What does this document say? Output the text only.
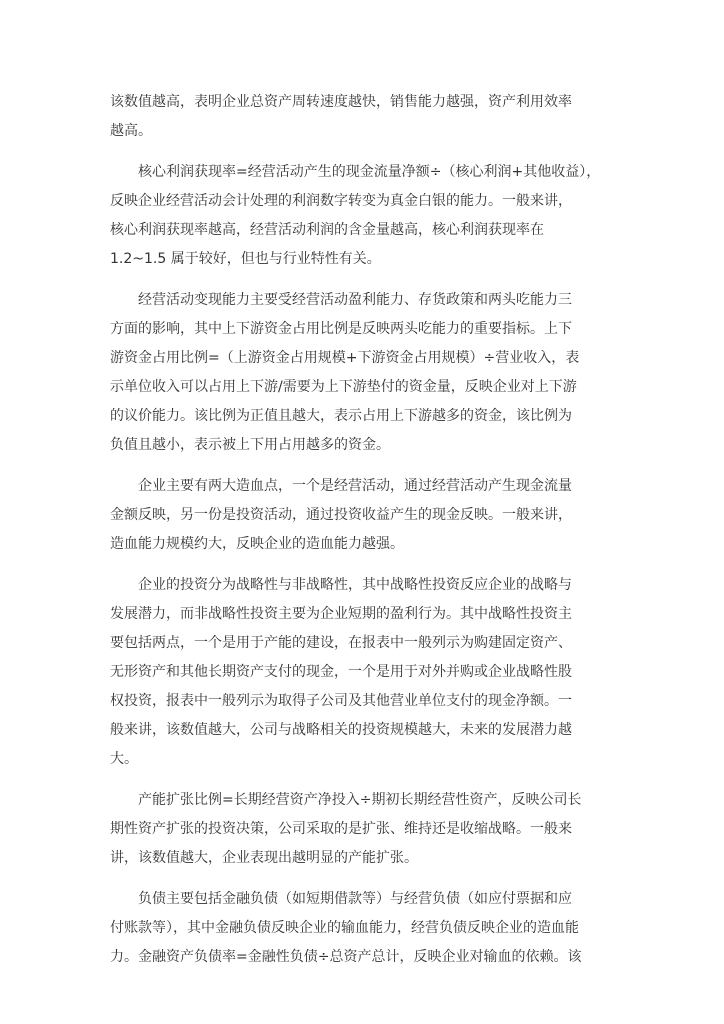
该数值越高，表明企业总资产周转速度越快，销售能力越强，资产利用效率
越高。
核心利润获现率=经营活动产生的现金流量净额÷（核心利润+其他收益），
反映企业经营活动会计处理的利润数字转变为真金白银的能力。一般来讲，
核心利润获现率越高，经营活动利润的含金量越高，核心利润获现率在
1.2~1.5 属于较好，但也与行业特性有关。
经营活动变现能力主要受经营活动盈利能力、存货政策和两头吃能力三
方面的影响，其中上下游资金占用比例是反映两头吃能力的重要指标。上下
游资金占用比例=（上游资金占用规模+下游资金占用规模）÷营业收入，表
示单位收入可以占用上下游/需要为上下游垫付的资金量，反映企业对上下游
的议价能力。该比例为正值且越大，表示占用上下游越多的资金，该比例为
负值且越小，表示被上下用占用越多的资金。
企业主要有两大造血点，一个是经营活动，通过经营活动产生现金流量
金额反映，另一份是投资活动，通过投资收益产生的现金反映。一般来讲，
造血能力规模约大，反映企业的造血能力越强。
企业的投资分为战略性与非战略性，其中战略性投资反应企业的战略与
发展潜力，而非战略性投资主要为企业短期的盈利行为。其中战略性投资主
要包括两点，一个是用于产能的建设，在报表中一般列示为购建固定资产、
无形资产和其他长期资产支付的现金，一个是用于对外并购或企业战略性股
权投资，报表中一般列示为取得子公司及其他营业单位支付的现金净额。一
般来讲，该数值越大，公司与战略相关的投资规模越大，未来的发展潜力越
大。
产能扩张比例=长期经营资产净投入÷期初长期经营性资产，反映公司长
期性资产扩张的投资决策，公司采取的是扩张、维持还是收缩战略。一般来
讲，该数值越大，企业表现出越明显的产能扩张。
负债主要包括金融负债（如短期借款等）与经营负债（如应付票据和应
付账款等），其中金融负债反映企业的输血能力，经营负债反映企业的造血能
力。金融资产负债率=金融性负债÷总资产总计，反映企业对输血的依赖。该
